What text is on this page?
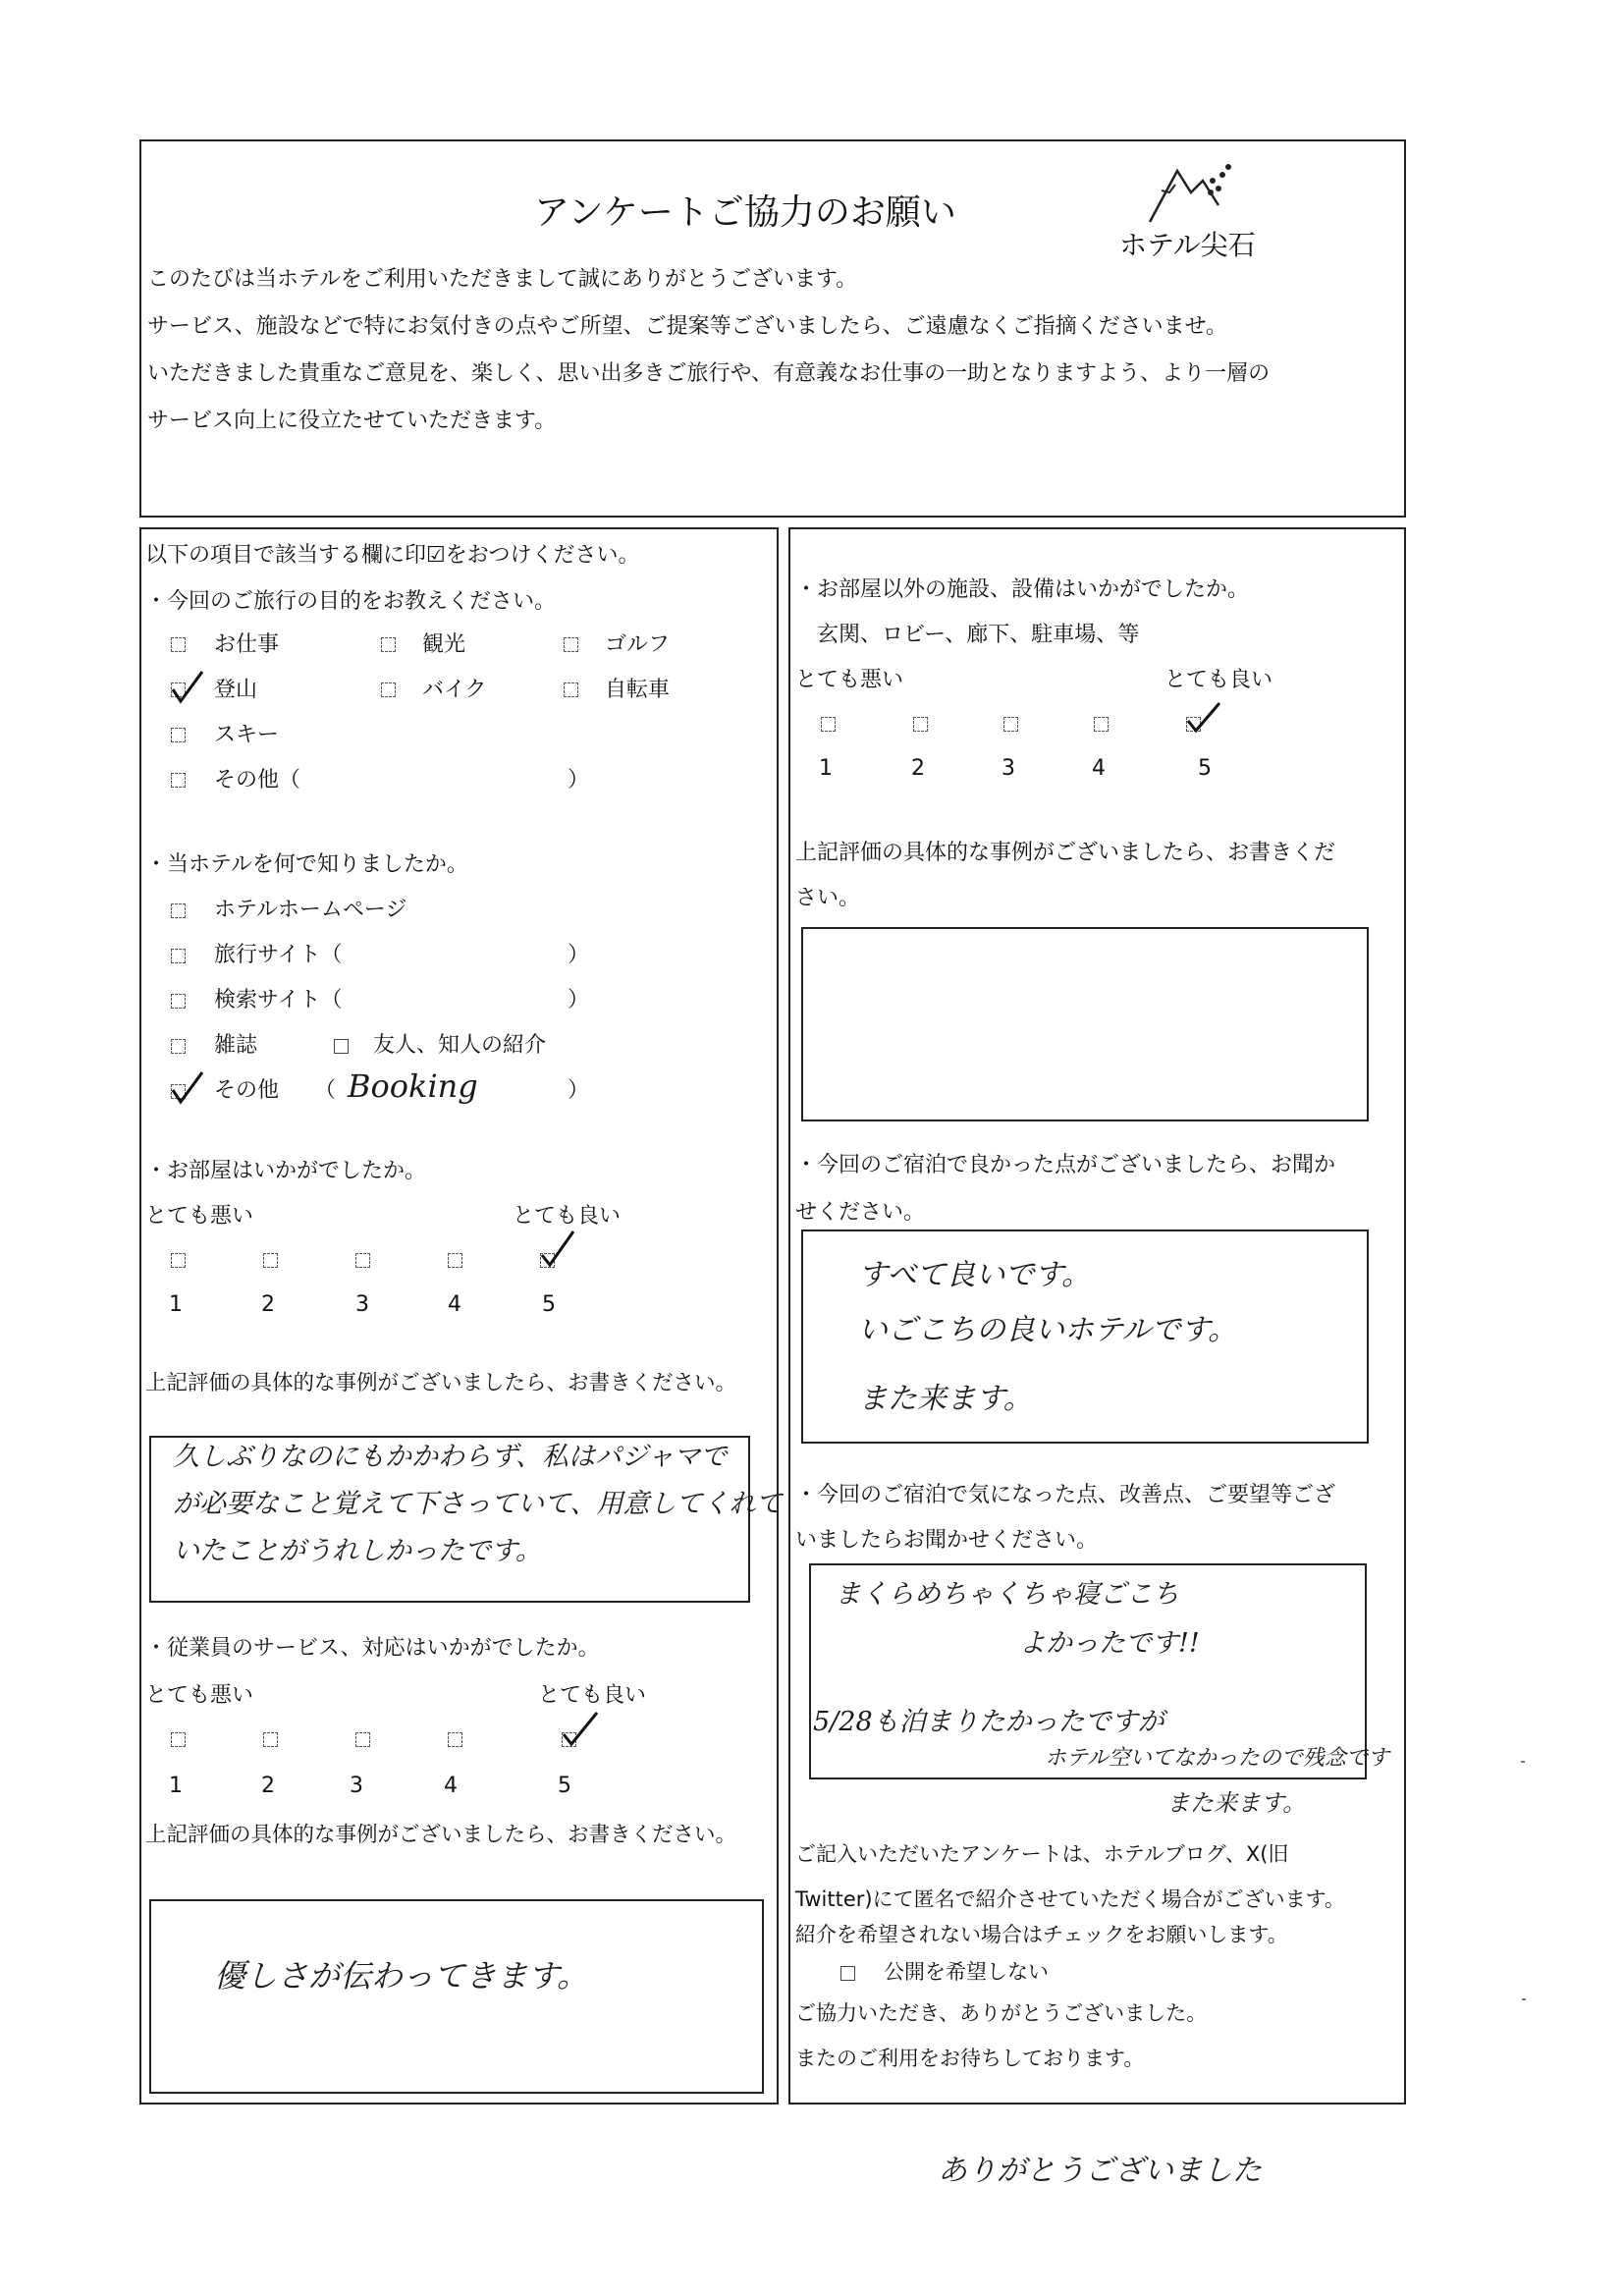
ホテル尖石
アンケートご協力のお願い
このたびは当ホテルをご利用いただきまして誠にありがとうございます。
サービス、施設などで特にお気付きの点やご所望、ご提案等ございましたら、ご遠慮なくご指摘くださいませ。
いただきました貴重なご意見を、楽しく、思い出多きご旅行や、有意義なお仕事の一助となりますよう、より一層の
サービス向上に役立たせていただきます。
以下の項目で該当する欄に印☑をおつけください。
・今回のご旅行の目的をお教えください。
お仕事	観光	ゴルフ
登山	バイク	自転車
スキー
その他（	）
・当ホテルを何で知りましたか。
ホテルホームページ
旅行サイト（	）
検索サイト（	）
雑誌	友人、知人の紹介
その他 （ Booking	）
・お部屋はいかがでしたか。
とても悪い	とても良い
1	2	3	4	5
上記評価の具体的な事例がございましたら、お書きください。
久しぶりなのにもかかわらず、私はパジャマで
が必要なこと覚えて下さっていて、用意してくれて
いたことがうれしかったです。
・従業員のサービス、対応はいかがでしたか。
とても悪い	とても良い
1	2	3	4	5
上記評価の具体的な事例がございましたら、お書きください。
優しさが伝わってきます。
・お部屋以外の施設、設備はいかがでしたか。
玄関、ロビー、廊下、駐車場、等
とても悪い	とても良い
1	2	3	4	5
上記評価の具体的な事例がございましたら、お書きくだ
さい。
・今回のご宿泊で良かった点がございましたら、お聞か
せください。
すべて良いです。
いごこちの良いホテルです。
また来ます。
・今回のご宿泊で気になった点、改善点、ご要望等ござ
いましたらお聞かせください。
まくらめちゃくちゃ寝ごこち
よかったです!!
5/28も泊まりたかったですが
ホテル空いてなかったので残念です
また来ます。
ご記入いただいたアンケートは、ホテルブログ、X(旧
Twitter)にて匿名で紹介させていただく場合がございます。
紹介を希望されない場合はチェックをお願いします。
公開を希望しない
ご協力いただき、ありがとうございました。
またのご利用をお待ちしております。
ありがとうございました
